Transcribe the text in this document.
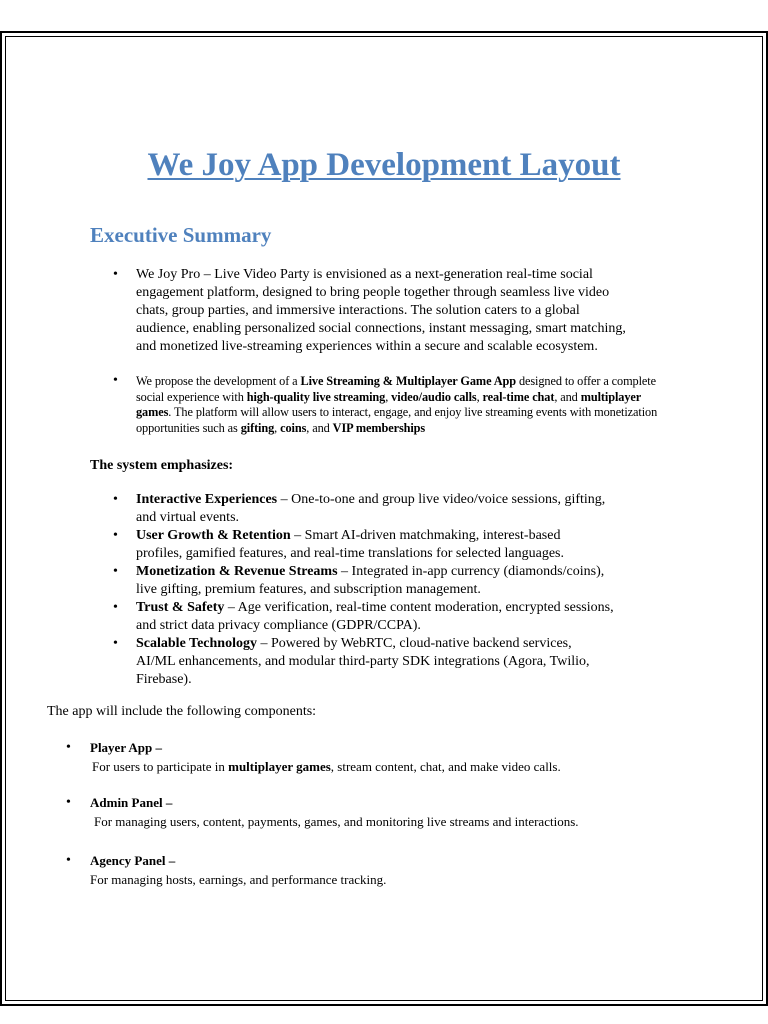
We Joy App Development Layout
Executive Summary
• We Joy Pro – Live Video Party is envisioned as a next-generation real-time social
engagement platform, designed to bring people together through seamless live video
chats, group parties, and immersive interactions. The solution caters to a global
audience, enabling personalized social connections, instant messaging, smart matching,
and monetized live-streaming experiences within a secure and scalable ecosystem.
• We propose the development of a Live Streaming & Multiplayer Game App designed to offer a complete social experience with high-quality live streaming, video/audio calls, real-time chat, and multiplayer games. The platform will allow users to interact, engage, and enjoy live streaming events with monetization opportunities such as gifting, coins, and VIP memberships
The system emphasizes:
• Interactive Experiences – One-to-one and group live video/voice sessions, gifting,
and virtual events.
• User Growth & Retention – Smart AI-driven matchmaking, interest-based
profiles, gamified features, and real-time translations for selected languages.
• Monetization & Revenue Streams – Integrated in-app currency (diamonds/coins),
live gifting, premium features, and subscription management.
• Trust & Safety – Age verification, real-time content moderation, encrypted sessions,
and strict data privacy compliance (GDPR/CCPA).
• Scalable Technology – Powered by WebRTC, cloud-native backend services,
AI/ML enhancements, and modular third-party SDK integrations (Agora, Twilio,
Firebase).
The app will include the following components:
• Player App –
For users to participate in multiplayer games, stream content, chat, and make video calls.
• Admin Panel –
For managing users, content, payments, games, and monitoring live streams and interactions.
• Agency Panel –
For managing hosts, earnings, and performance tracking.
